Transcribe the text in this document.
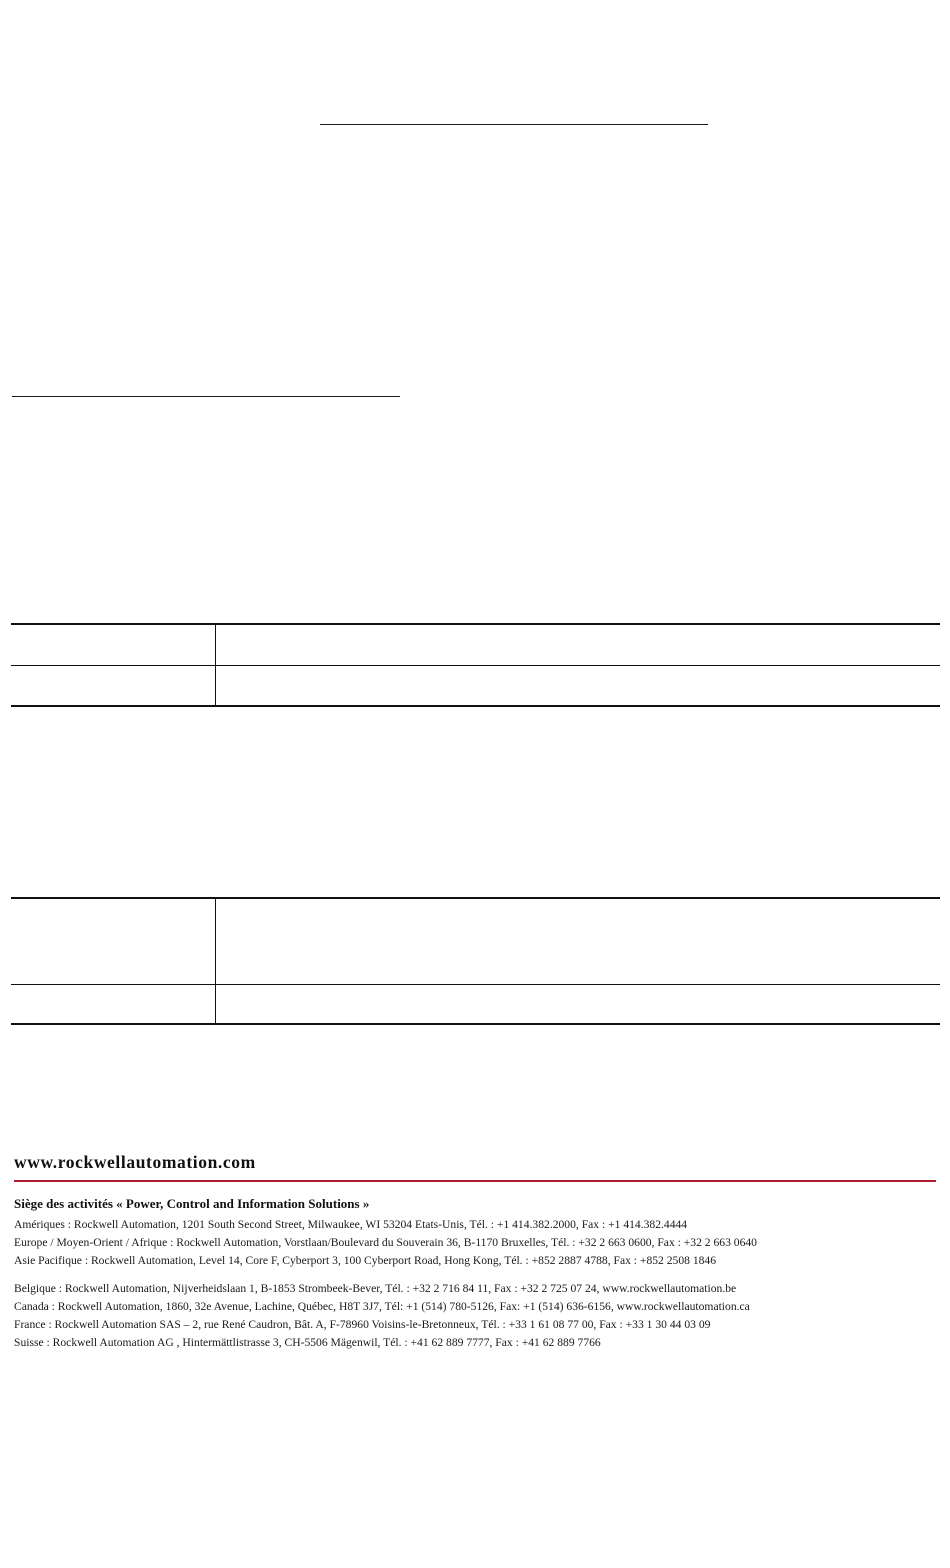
www.rockwellautomation.com
Siège des activités « Power, Control and Information Solutions »
Amériques : Rockwell Automation, 1201 South Second Street, Milwaukee, WI 53204 Etats-Unis, Tél. : +1 414.382.2000, Fax : +1 414.382.4444
Europe / Moyen-Orient / Afrique : Rockwell Automation, Vorstlaan/Boulevard du Souverain 36, B-1170 Bruxelles, Tél. : +32 2 663 0600, Fax : +32 2 663 0640
Asie Pacifique : Rockwell Automation, Level 14, Core F, Cyberport 3, 100 Cyberport Road, Hong Kong, Tél. : +852 2887 4788, Fax : +852 2508 1846
Belgique : Rockwell Automation, Nijverheidslaan 1, B-1853 Strombeek-Bever, Tél. : +32 2 716 84 11, Fax : +32 2 725 07 24, www.rockwellautomation.be
Canada : Rockwell Automation, 1860, 32e Avenue, Lachine, Québec, H8T 3J7, Tél: +1 (514) 780-5126, Fax: +1 (514) 636-6156, www.rockwellautomation.ca
France : Rockwell Automation SAS – 2, rue René Caudron, Bât. A, F-78960 Voisins-le-Bretonneux, Tél. : +33 1 61 08 77 00, Fax : +33 1 30 44 03 09
Suisse : Rockwell Automation AG , Hintermättlistrasse 3, CH-5506 Mägenwil, Tél. : +41 62 889 7777, Fax : +41 62 889 7766
